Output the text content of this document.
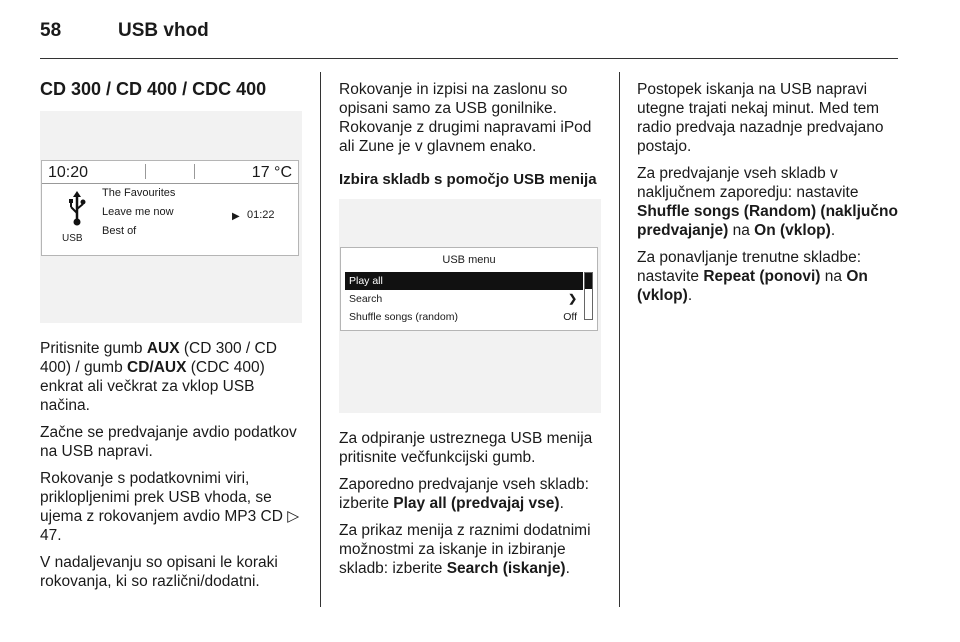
58	USB vhod
CD 300 / CD 400 / CDC 400
10:20	17 °C
USB
The Favourites
Leave me now
Best of
▶ 01:22

Pritisnite gumb AUX (CD 300 / CD 400) / gumb CD/AUX (CDC 400) enkrat ali večkrat za vklop USB načina.

Začne se predvajanje avdio podatkov na USB napravi.

Rokovanje s podatkovnimi viri, priklopljenimi prek USB vhoda, se ujema z rokovanjem avdio MP3 CD ▷ 47.

V nadaljevanju so opisani le koraki rokovanja, ki so različni/dodatni.

Rokovanje in izpisi na zaslonu so opisani samo za USB gonilnike. Rokovanje z drugimi napravami iPod ali Zune je v glavnem enako.

Izbira skladb s pomočjo USB menija
USB menu
Play all
Search	❯
Shuffle songs (random)	Off

Za odpiranje ustreznega USB menija pritisnite večfunkcijski gumb.

Zaporedno predvajanje vseh skladb: izberite Play all (predvajaj vse).

Za prikaz menija z raznimi dodatnimi možnostmi za iskanje in izbiranje skladb: izberite Search (iskanje).

Postopek iskanja na USB napravi utegne trajati nekaj minut. Med tem radio predvaja nazadnje predvajano postajo.

Za predvajanje vseh skladb v naključnem zaporedju: nastavite Shuffle songs (Random) (naključno predvajanje) na On (vklop).

Za ponavljanje trenutne skladbe: nastavite Repeat (ponovi) na On (vklop).
